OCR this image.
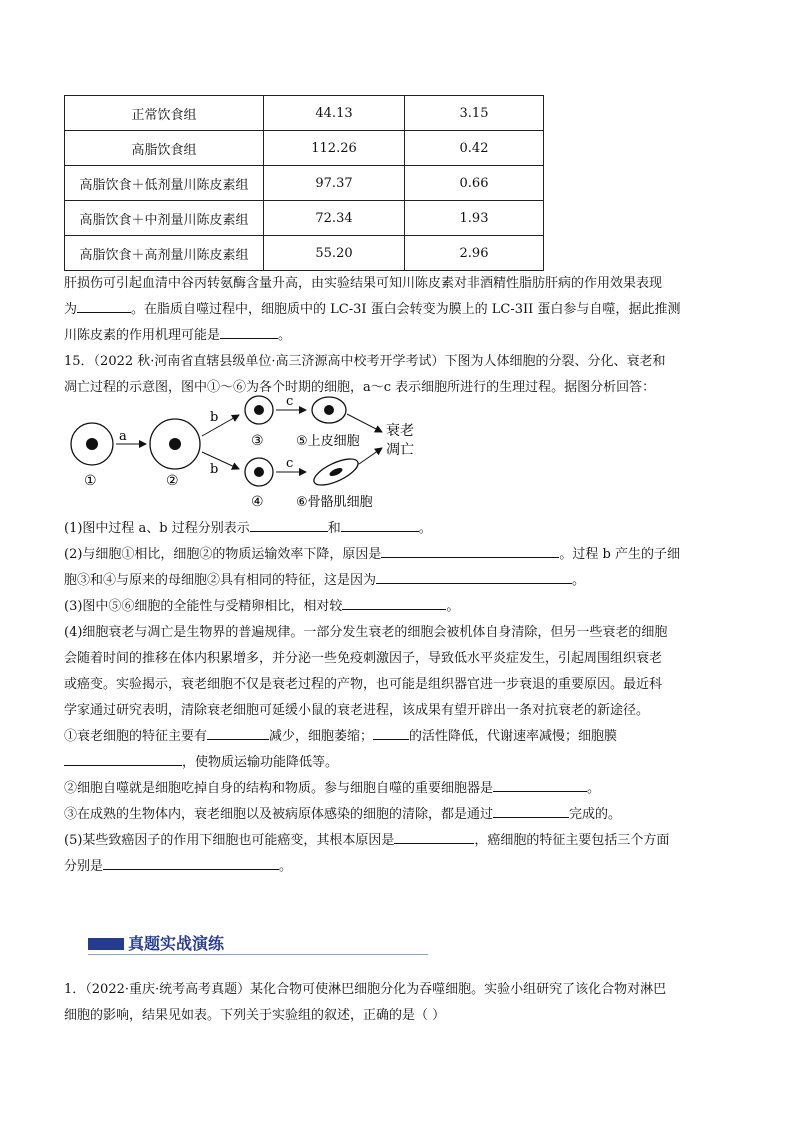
正常饮食组	44.13	3.15
高脂饮食组	112.26	0.42
高脂饮食＋低剂量川陈皮素组	97.37	0.66
高脂饮食＋中剂量川陈皮素组	72.34	1.93
高脂饮食＋高剂量川陈皮素组	55.20	2.96
肝损伤可引起血清中谷丙转氨酶含量升高，由实验结果可知川陈皮素对非酒精性脂肪肝病的作用效果表现
为	。在脂质自噬过程中，细胞质中的 LC-3I 蛋白会转变为膜上的 LC-3II 蛋白参与自噬，据此推测
川陈皮素的作用机理可能是	。
15．（2022 秋·河南省直辖县级单位·高三济源高中校考开学考试）下图为人体细胞的分裂、分化、衰老和
凋亡过程的示意图，图中①～⑥为各个时期的细胞，a～c 表示细胞所进行的生理过程。据图分析回答：
①
a
②
b
b
③
④
c
c
⑤上皮细胞
⑥骨骼肌细胞
衰老
凋亡
(1)图中过程 a、b 过程分别表示	和	。
(2)与细胞①相比，细胞②的物质运输效率下降，原因是	。过程 b 产生的子细
胞③和④与原来的母细胞②具有相同的特征，这是因为	。
(3)图中⑤⑥细胞的全能性与受精卵相比，相对较	。
(4)细胞衰老与凋亡是生物界的普遍规律。一部分发生衰老的细胞会被机体自身清除，但另一些衰老的细胞
会随着时间的推移在体内积累增多，并分泌一些免疫刺激因子，导致低水平炎症发生，引起周围组织衰老
或癌变。实验揭示，衰老细胞不仅是衰老过程的产物，也可能是组织器官进一步衰退的重要原因。最近科
学家通过研究表明，清除衰老细胞可延缓小鼠的衰老进程，该成果有望开辟出一条对抗衰老的新途径。
①衰老细胞的特征主要有	减少，细胞萎缩；	的活性降低，代谢速率减慢；细胞膜
，使物质运输功能降低等。
②细胞自噬就是细胞吃掉自身的结构和物质。参与细胞自噬的重要细胞器是	。
③在成熟的生物体内，衰老细胞以及被病原体感染的细胞的清除，都是通过	完成的。
(5)某些致癌因子的作用下细胞也可能癌变，其根本原因是	，癌细胞的特征主要包括三个方面
分别是	。
真题实战演练
1．（2022·重庆·统考高考真题）某化合物可使淋巴细胞分化为吞噬细胞。实验小组研究了该化合物对淋巴
细胞的影响，结果见如表。下列关于实验组的叙述，正确的是（ ）
